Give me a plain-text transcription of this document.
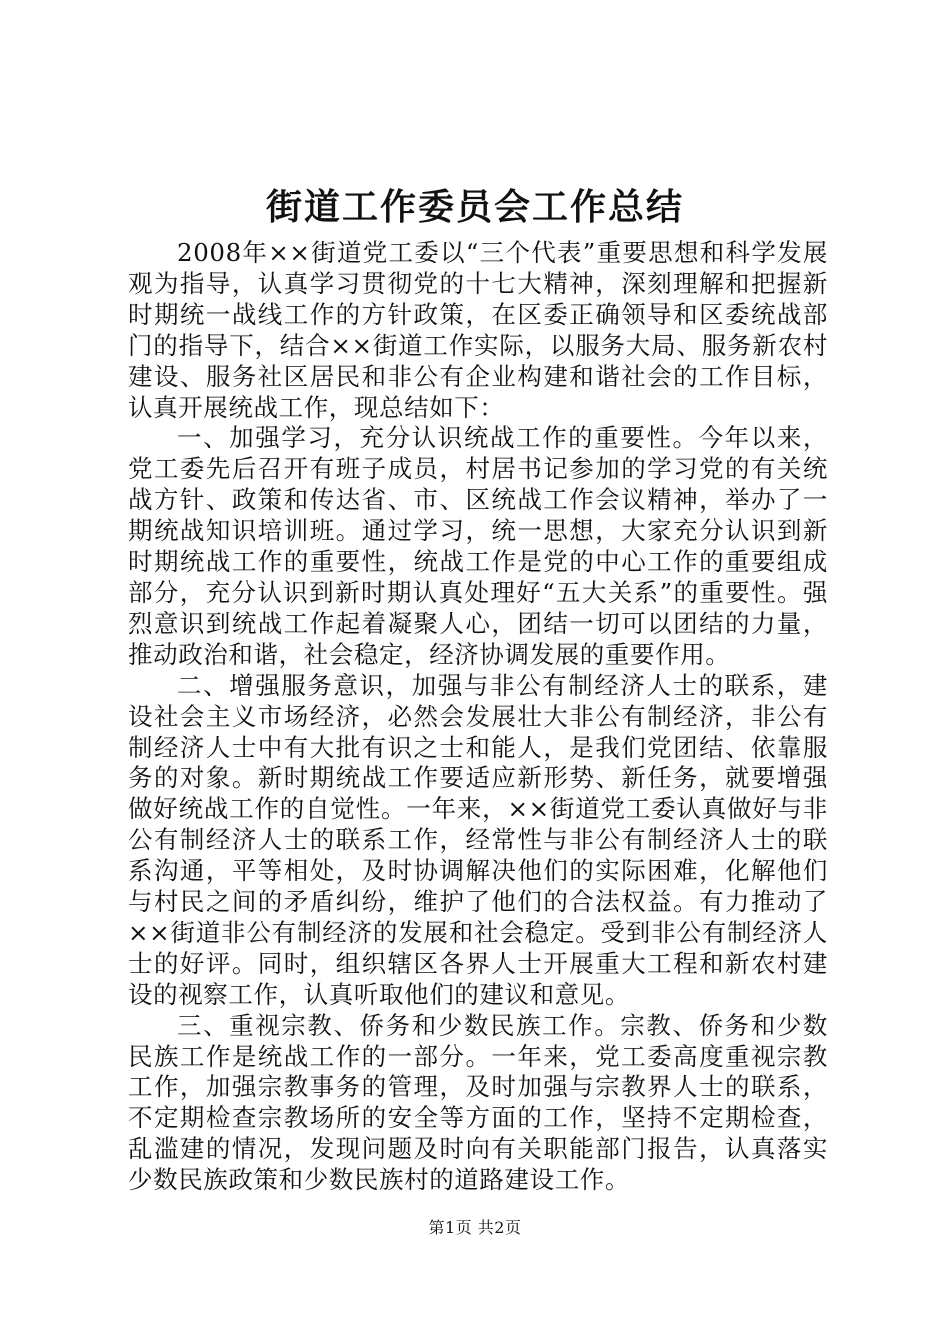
街道工作委员会工作总结

2008年××街道党工委以“三个代表”重要思想和科学发展观为指导，认真学习贯彻党的十七大精神，深刻理解和把握新时期统一战线工作的方针政策，在区委正确领导和区委统战部门的指导下，结合××街道工作实际，以服务大局、服务新农村建设、服务社区居民和非公有企业构建和谐社会的工作目标，认真开展统战工作，现总结如下：

一、加强学习，充分认识统战工作的重要性。今年以来，党工委先后召开有班子成员，村居书记参加的学习党的有关统战方针、政策和传达省、市、区统战工作会议精神，举办了一期统战知识培训班。通过学习，统一思想，大家充分认识到新时期统战工作的重要性，统战工作是党的中心工作的重要组成部分，充分认识到新时期认真处理好“五大关系”的重要性。强烈意识到统战工作起着凝聚人心，团结一切可以团结的力量，推动政治和谐，社会稳定，经济协调发展的重要作用。

二、增强服务意识，加强与非公有制经济人士的联系，建设社会主义市场经济，必然会发展壮大非公有制经济，非公有制经济人士中有大批有识之士和能人，是我们党团结、依靠服务的对象。新时期统战工作要适应新形势、新任务，就要增强做好统战工作的自觉性。一年来，××街道党工委认真做好与非公有制经济人士的联系工作，经常性与非公有制经济人士的联系沟通，平等相处，及时协调解决他们的实际困难，化解他们与村民之间的矛盾纠纷，维护了他们的合法权益。有力推动了××街道非公有制经济的发展和社会稳定。受到非公有制经济人士的好评。同时，组织辖区各界人士开展重大工程和新农村建设的视察工作，认真听取他们的建议和意见。

三、重视宗教、侨务和少数民族工作。宗教、侨务和少数民族工作是统战工作的一部分。一年来，党工委高度重视宗教工作，加强宗教事务的管理，及时加强与宗教界人士的联系，不定期检查宗教场所的安全等方面的工作，坚持不定期检查，乱滥建的情况，发现问题及时向有关职能部门报告，认真落实少数民族政策和少数民族村的道路建设工作。

第1页 共2页
